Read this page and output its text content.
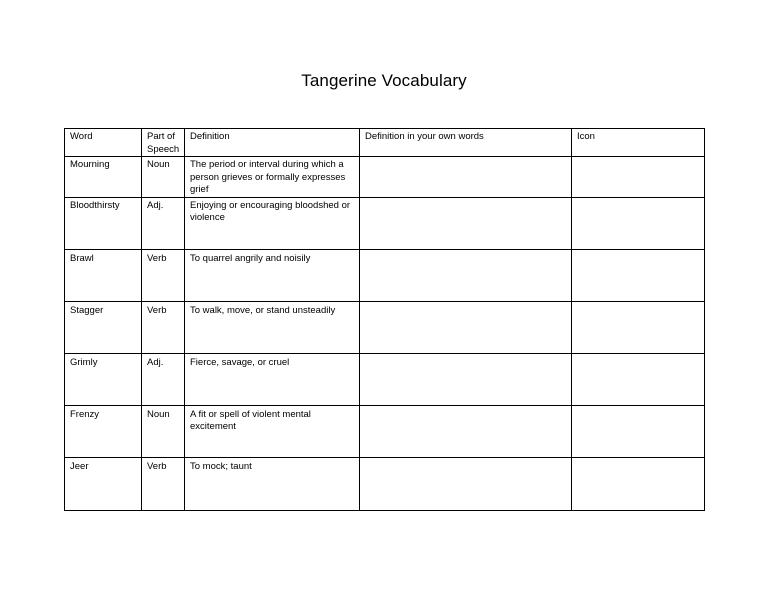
Tangerine Vocabulary
Word	Part of Speech	Definition	Definition in your own words	Icon
Mourning	Noun	The period or interval during which a person grieves or formally expresses grief		
Bloodthirsty	Adj.	Enjoying or encouraging bloodshed or violence		
Brawl	Verb	To quarrel angrily and noisily		
Stagger	Verb	To walk, move, or stand unsteadily		
Grimly	Adj.	Fierce, savage, or cruel		
Frenzy	Noun	A fit or spell of violent mental excitement		
Jeer	Verb	To mock; taunt		
